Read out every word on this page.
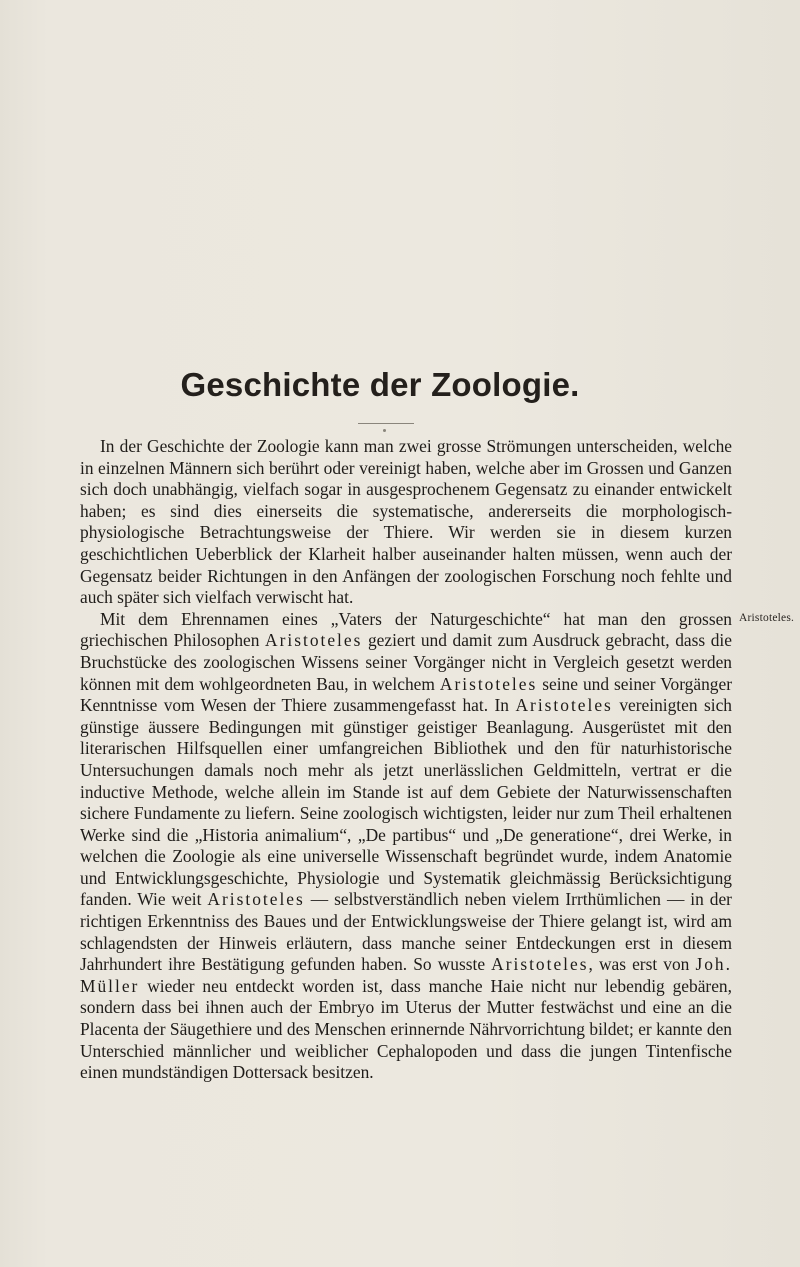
Geschichte der Zoologie.

In der Geschichte der Zoologie kann man zwei grosse Strömungen unterscheiden, welche in einzelnen Männern sich berührt oder vereinigt haben, welche aber im Grossen und Ganzen sich doch unabhängig, vielfach sogar in ausgesprochenem Gegensatz zu einander entwickelt haben; es sind dies einerseits die systematische, andererseits die morphologisch-physiologische Betrachtungsweise der Thiere. Wir werden sie in diesem kurzen geschichtlichen Ueberblick der Klarheit halber auseinander halten müssen, wenn auch der Gegensatz beider Richtungen in den Anfängen der zoologischen Forschung noch fehlte und auch später sich vielfach verwischt hat.

Mit dem Ehrennamen eines „Vaters der Naturgeschichte“ hat man den grossen griechischen Philosophen Aristoteles geziert und damit zum Ausdruck gebracht, dass die Bruchstücke des zoologischen Wissens seiner Vorgänger nicht in Vergleich gesetzt werden können mit dem wohlgeordneten Bau, in welchem Aristoteles seine und seiner Vorgänger Kenntnisse vom Wesen der Thiere zusammengefasst hat. In Aristoteles vereinigten sich günstige äussere Bedingungen mit günstiger geistiger Beanlagung. Ausgerüstet mit den literarischen Hilfsquellen einer umfangreichen Bibliothek und den für naturhistorische Untersuchungen damals noch mehr als jetzt unerlässlichen Geldmitteln, vertrat er die inductive Methode, welche allein im Stande ist auf dem Gebiete der Naturwissenschaften sichere Fundamente zu liefern. Seine zoologisch wichtigsten, leider nur zum Theil erhaltenen Werke sind die „Historia animalium“, „De partibus“ und „De generatione“, drei Werke, in welchen die Zoologie als eine universelle Wissenschaft begründet wurde, indem Anatomie und Entwicklungsgeschichte, Physiologie und Systematik gleichmässig Berücksichtigung fanden. Wie weit Aristoteles — selbstverständlich neben vielem Irrthümlichen — in der richtigen Erkenntniss des Baues und der Entwicklungsweise der Thiere gelangt ist, wird am schlagendsten der Hinweis erläutern, dass manche seiner Entdeckungen erst in diesem Jahrhundert ihre Bestätigung gefunden haben. So wusste Aristoteles, was erst von Joh. Müller wieder neu entdeckt worden ist, dass manche Haie nicht nur lebendig gebären, sondern dass bei ihnen auch der Embryo im Uterus der Mutter festwächst und eine an die Placenta der Säugethiere und des Menschen erinnernde Nährvorrichtung bildet; er kannte den Unterschied männlicher und weiblicher Cephalopoden und dass die jungen Tintenfische einen mundständigen Dottersack besitzen.

Aristoteles.
